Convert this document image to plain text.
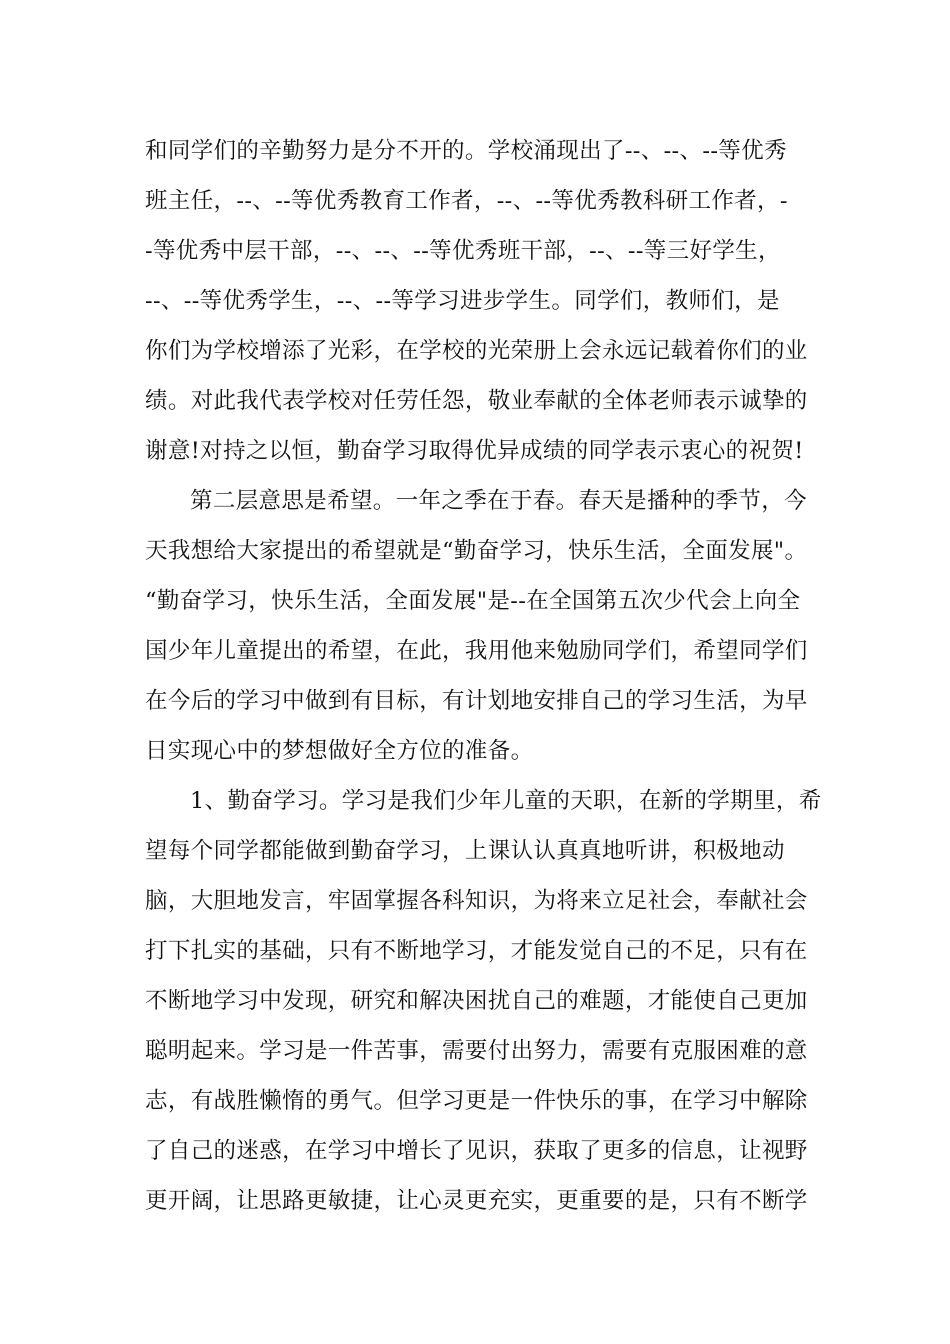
和同学们的辛勤努力是分不开的。学校涌现出了--、--、--等优秀
班主任，--、--等优秀教育工作者，--、--等优秀教科研工作者，-
-等优秀中层干部，--、--、--等优秀班干部，--、--等三好学生，
--、--等优秀学生，--、--等学习进步学生。同学们，教师们，是
你们为学校增添了光彩，在学校的光荣册上会永远记载着你们的业
绩。对此我代表学校对任劳任怨，敬业奉献的全体老师表示诚挚的
谢意!对持之以恒，勤奋学习取得优异成绩的同学表示衷心的祝贺!
第二层意思是希望。一年之季在于春。春天是播种的季节，今
天我想给大家提出的希望就是“勤奋学习，快乐生活，全面发展"。
“勤奋学习，快乐生活，全面发展"是--在全国第五次少代会上向全
国少年儿童提出的希望，在此，我用他来勉励同学们，希望同学们
在今后的学习中做到有目标，有计划地安排自己的学习生活，为早
日实现心中的梦想做好全方位的准备。
1、勤奋学习。学习是我们少年儿童的天职，在新的学期里，希
望每个同学都能做到勤奋学习，上课认认真真地听讲，积极地动
脑，大胆地发言，牢固掌握各科知识，为将来立足社会，奉献社会
打下扎实的基础，只有不断地学习，才能发觉自己的不足，只有在
不断地学习中发现，研究和解决困扰自己的难题，才能使自己更加
聪明起来。学习是一件苦事，需要付出努力，需要有克服困难的意
志，有战胜懒惰的勇气。但学习更是一件快乐的事，在学习中解除
了自己的迷惑，在学习中增长了见识，获取了更多的信息，让视野
更开阔，让思路更敏捷，让心灵更充实，更重要的是，只有不断学
